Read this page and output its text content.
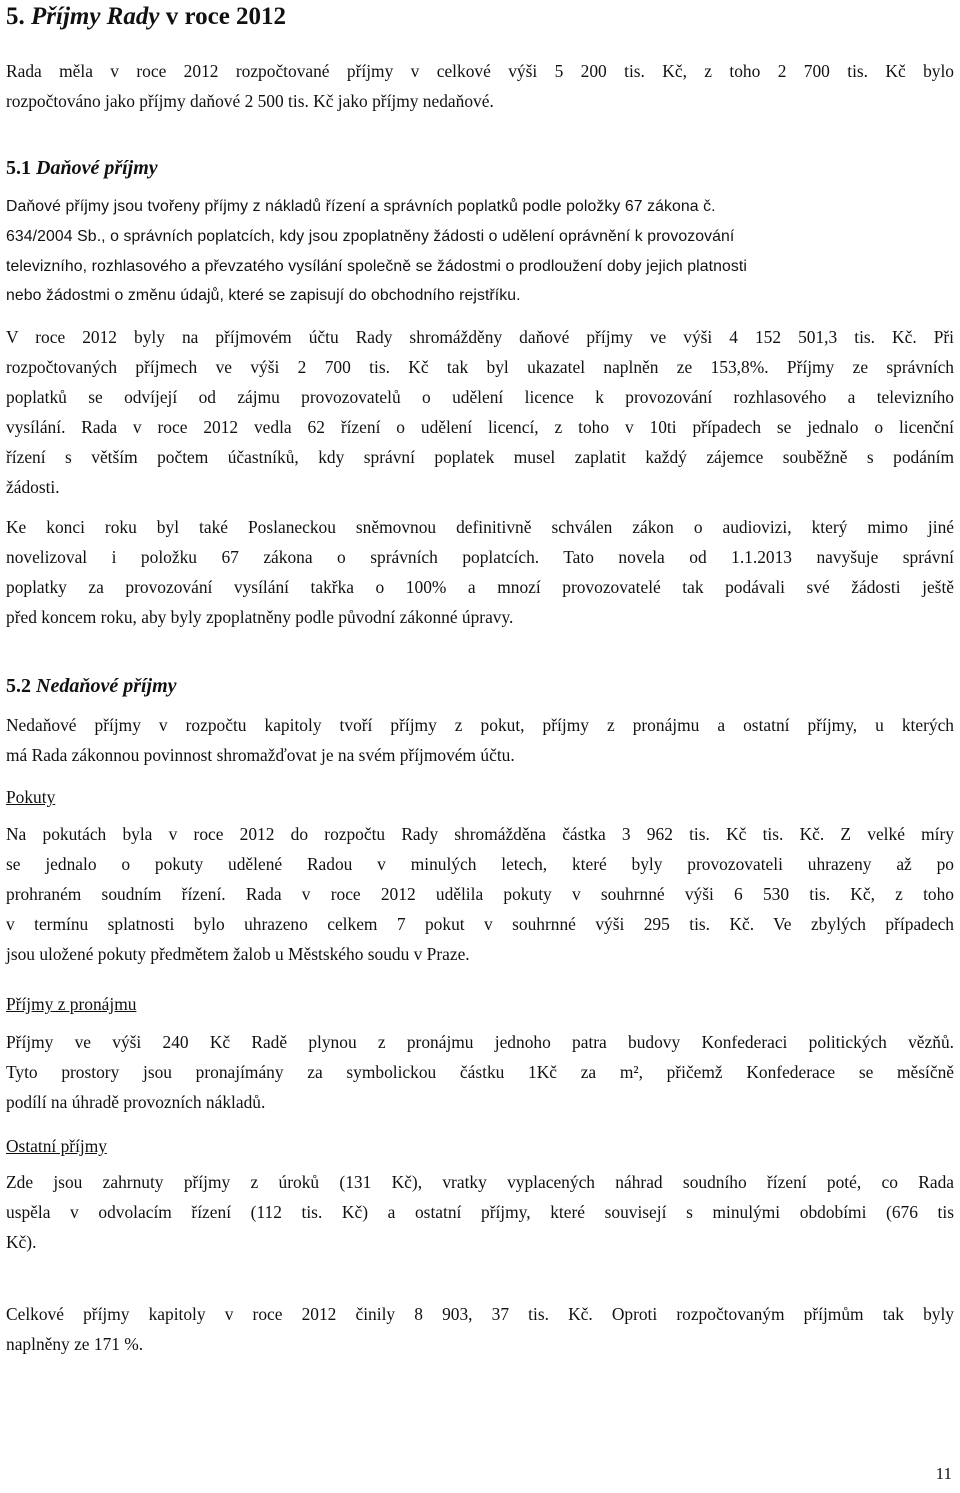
5. Příjmy Rady v roce 2012
Rada měla v roce 2012 rozpočtované příjmy v celkové výši 5 200 tis. Kč, z toho 2 700 tis. Kč bylo
rozpočtováno jako příjmy daňové 2 500 tis. Kč jako příjmy nedaňové.
5.1 Daňové příjmy
Daňové příjmy jsou tvořeny příjmy z nákladů řízení a správních poplatků podle položky 67 zákona č.
634/2004 Sb., o správních poplatcích, kdy jsou zpoplatněny žádosti o udělení oprávnění k provozování
televizního, rozhlasového a převzatého vysílání společně se žádostmi o prodloužení doby jejich platnosti
nebo žádostmi o změnu údajů, které se zapisují do obchodního rejstříku.
V roce 2012 byly na příjmovém účtu Rady shromážděny daňové příjmy ve výši 4 152 501,3 tis. Kč. Při
rozpočtovaných příjmech ve výši 2 700 tis. Kč tak byl ukazatel naplněn ze 153,8%. Příjmy ze správních
poplatků se odvíjejí od zájmu provozovatelů o udělení licence k provozování rozhlasového a televizního
vysílání. Rada v roce 2012 vedla 62 řízení o udělení licencí, z toho v 10ti případech se jednalo o licenční
řízení s větším počtem účastníků, kdy správní poplatek musel zaplatit každý zájemce souběžně s podáním
žádosti.
Ke konci roku byl také Poslaneckou sněmovnou definitivně schválen zákon o audiovizi, který mimo jiné
novelizoval i položku 67 zákona o správních poplatcích. Tato novela od 1.1.2013 navyšuje správní
poplatky za provozování vysílání takřka o 100% a mnozí provozovatelé tak podávali své žádosti ještě
před koncem roku, aby byly zpoplatněny podle původní zákonné úpravy.
5.2 Nedaňové příjmy
Nedaňové příjmy v rozpočtu kapitoly tvoří příjmy z pokut, příjmy z pronájmu a ostatní příjmy, u kterých
má Rada zákonnou povinnost shromažďovat je na svém příjmovém účtu.
Pokuty
Na pokutách byla v roce 2012 do rozpočtu Rady shromážděna částka 3 962 tis. Kč tis. Kč. Z velké míry
se jednalo o pokuty udělené Radou v minulých letech, které byly provozovateli uhrazeny až po
prohraném soudním řízení. Rada v roce 2012 udělila pokuty v souhrnné výši 6 530 tis. Kč, z toho
v termínu splatnosti bylo uhrazeno celkem 7 pokut v souhrnné výši 295 tis. Kč. Ve zbylých případech
jsou uložené pokuty předmětem žalob u Městského soudu v Praze.
Příjmy z pronájmu
Příjmy ve výši 240 Kč Radě plynou z pronájmu jednoho patra budovy Konfederaci politických vězňů.
Tyto prostory jsou pronajímány za symbolickou částku 1Kč za m², přičemž Konfederace se měsíčně
podílí na úhradě provozních nákladů.
Ostatní příjmy
Zde jsou zahrnuty příjmy z úroků (131 Kč), vratky vyplacených náhrad soudního řízení poté, co Rada
uspěla v odvolacím řízení (112 tis. Kč) a ostatní příjmy, které souvisejí s minulými obdobími (676 tis
Kč).
Celkové příjmy kapitoly v roce 2012 činily 8 903, 37 tis. Kč. Oproti rozpočtovaným příjmům tak byly
naplněny ze 171 %.
11
